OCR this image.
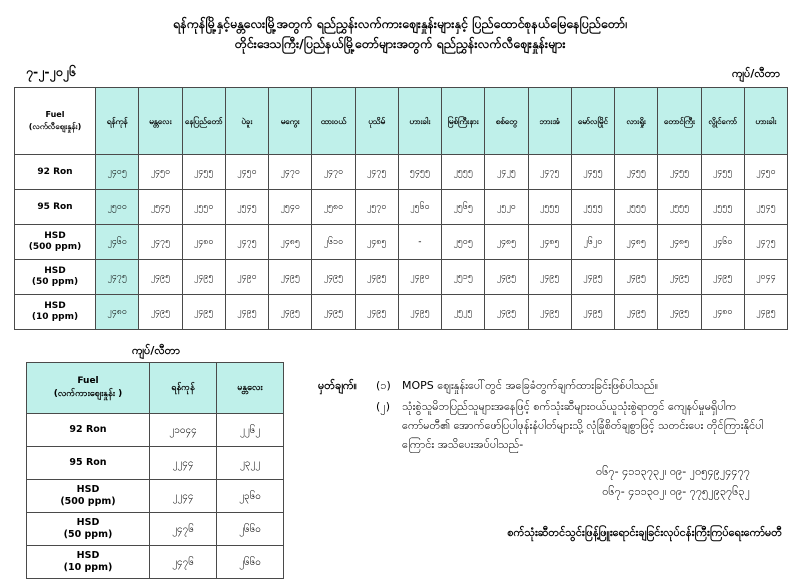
ရန်ကုန်မြို့နှင့်မန္တလေးမြို့အတွက် ရည်ညွှန်းလက်ကားဈေးနှုန်းများနှင့် ပြည်ထောင်စုနယ်မြေနေပြည်တော်၊
တိုင်းဒေသကြီး/ပြည်နယ်မြို့တော်များအတွက် ရည်ညွှန်းလက်လီဈေးနှုန်းများ
၇-၂-၂၀၂၆	ကျပ်/လီတာ
Fuel
(လက်လီဈေးနှုန်း)	ရန်ကုန်	မန္တလေး	နေပြည်တော်	ပဲခူး	မကွေး	ထားဝယ်	ပုသိမ်	ဟားခါး	မြစ်ကြီးနား	စစ်တွေ	ဘားအံ	မော်လမြိုင်	လားရှိုး	တောင်ကြီး	လွိုင်ကော်	ဟားခါး
92 Ron	၂၄၀၅	၂၄၅၀	၂၄၅၅	၂၄၅၀	၂၄၇၀	၂၄၇၀	၂၄၇၅	၅၄၅၅	၂၅၅၅	၂၄၂၅	၂၄၇၅	၂၄၅၅	၂၄၅၅	၂၄၅၅	၂၄၅၅	၂၄၅၀
95 Ron	၂၅၀၀	၂၅၄၅	၂၅၅၀	၂၅၄၅	၂၅၄၀	၂၅၈၀	၂၅၇၀	၂၅၆၀	၂၅၆၅	၂၅၂၀	၂၅၅၅	၂၅၅၅	၂၅၅၅	၂၅၅၅	၂၅၅၅	၂၅၄၅

HSD
(500 ppm)	၂၄၆၀	၂၄၇၅	၂၄၈၀	၂၄၇၅	၂၄၈၅	၂၆၁၀	၂၄၈၅	-	၂၅၀၅	၂၄၈၅	၂၄၈၅	၂၆၂၀	၂၄၈၅	၂၄၈၅	၂၄၆၀	၂၄၇၅

HSD
(50 ppm)	၂၄၇၅	၂၄၉၅	၂၄၉၅	၂၄၉၀	၂၄၉၅	၂၄၉၅	၂၄၉၅	၂၄၉၀	၂၅၁၅	၂၄၉၅	၂၄၉၅	၂၄၉၅	၂၄၉၅	၂၄၉၅	၂၄၉၅	၂၀၄၄

HSD
(10 ppm)	၂၄၈၀	၂၄၉၅	၂၄၉၅	၂၄၉၅	၂၄၉၅	၂၄၉၅	၂၄၉၅	၂၄၉၅	၂၅၂၅	၂၄၉၅	၂၄၉၅	၂၄၉၅	၂၄၉၅	၂၄၉၅	၂၄၈၀	၂၄၉၅
ကျပ်/လီတာ
Fuel
(လက်ကားဈေးနှုန်း )	ရန်ကုန်	မန္တလေး
92 Ron	၂၁၀၄၄	၂၂၆၂
95 Ron	၂၂၄၄	၂၃၂၂

HSD
(500 ppm)	၂၂၄၄	၂၃၆၀

HSD
(50 ppm)	၂၄၇၆	၂၆၆၀

HSD
(10 ppm)	၂၄၇၆	၂၆၆၀
မှတ်ချက်။	(၁)	MOPS ဈေးနှုန်းပေါ်တွင် အခြေခံတွက်ချက်ထားခြင်းဖြစ်ပါသည်။
(၂)	သုံးစွဲသူမိဘပြည်သူများအနေဖြင့် စက်သုံးဆီများဝယ်ယူသုံးစွဲရာတွင် ကျေနပ်မှုမရှိပါက ကော်မတီ၏ အောက်ဖော်ပြပါဖုန်းနံပါတ်များသို့ လုံခြုံစိတ်ချစွာဖြင့် သတင်းပေး တိုင်ကြားနိုင်ပါကြောင်း အသိပေးအပ်ပါသည်-
၀၆၇- ၄၁၁၃၇၃၂၊ ၀၉- ၂၀၅၄၉၂၄၄၇၇
၀၆၇- ၄၁၁၃၀၂၊ ၀၉- ၇၇၅၂၉၃၇၆၃၂
စက်သုံးဆီတင်သွင်းဖြန့်ဖြူးရောင်းချခြင်းလုပ်ငန်းကြီးကြပ်ရေးကော်မတီ
